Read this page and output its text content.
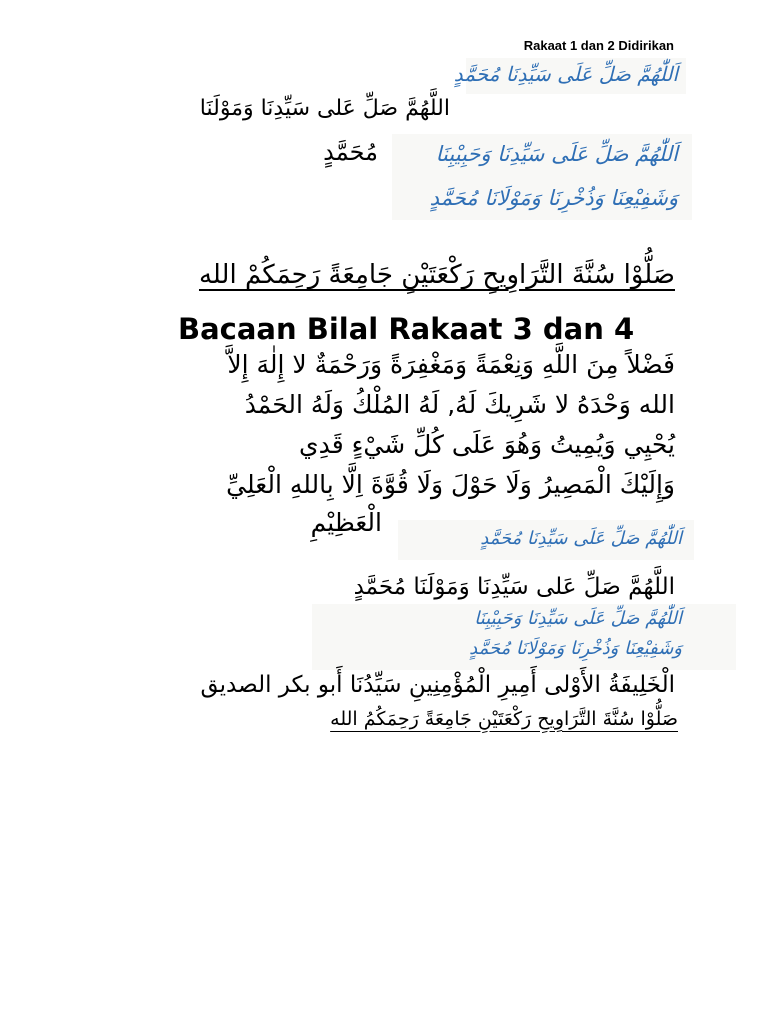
Rakaat 1 dan 2 Didirikan
اَللّٰهُمَّ صَلِّ عَلَى سَيِّدِنَا مُحَمَّدٍ
اللَّهُمَّ صَلِّ عَلى سَيِّدِنَا وَمَوْلَنَا
مُحَمَّدٍ	اَللّٰهُمَّ صَلِّ عَلَى سَيِّدِنَا وَحَبِيْبِنَا
وَشَفِيْعِنَا وَذُخْرِنَا وَمَوْلَانَا مُحَمَّدٍ
صَلُّوْا سُنَّةَ التَّرَاوِيحِ رَكْعَتَيْنِ جَامِعَةً رَحِمَكُمْ الله
Bacaan Bilal Rakaat 3 dan 4
فَضْلاً مِنَ اللَّهِ وَنِعْمَةً وَمَغْفِرَةً وَرَحْمَةٌ لا إِلٰهَ إِلاَّ
الله وَحْدَهُ لا شَرِيكَ لَهُ, لَهُ المُلْكُ وَلَهُ الحَمْدُ
يُحْيِي وَيُمِيتُ وَهُوَ عَلَى كُلِّ شَيْءٍ قَدِي
وَإِلَيْكَ الْمَصِيرُ وَلَا حَوْلَ وَلَا قُوَّةَ اِلَّا بِاللهِ الْعَلِيِّ
الْعَظِيْمِ
اَللّٰهُمَّ صَلِّ عَلَى سَيِّدِنَا مُحَمَّدٍ
اللَّهُمَّ صَلِّ عَلى سَيِّدِنَا وَمَوْلَنَا مُحَمَّدٍ
اَللّٰهُمَّ صَلِّ عَلَى سَيِّدِنَا وَحَبِيْبِنَا
وَشَفِيْعِنَا وَذُخْرِنَا وَمَوْلَانَا مُحَمَّدٍ
الْخَلِيفَةُ الأَوْلى أَمِيرِ الْمُؤْمِنِينِ سَيِّدُنَا أَبو بكر الصديق
صَلُّوْا سُنَّةَ التَّرَاوِيحِ رَكْعَتَيْنِ جَامِعَةً رَحِمَكُمُ الله
